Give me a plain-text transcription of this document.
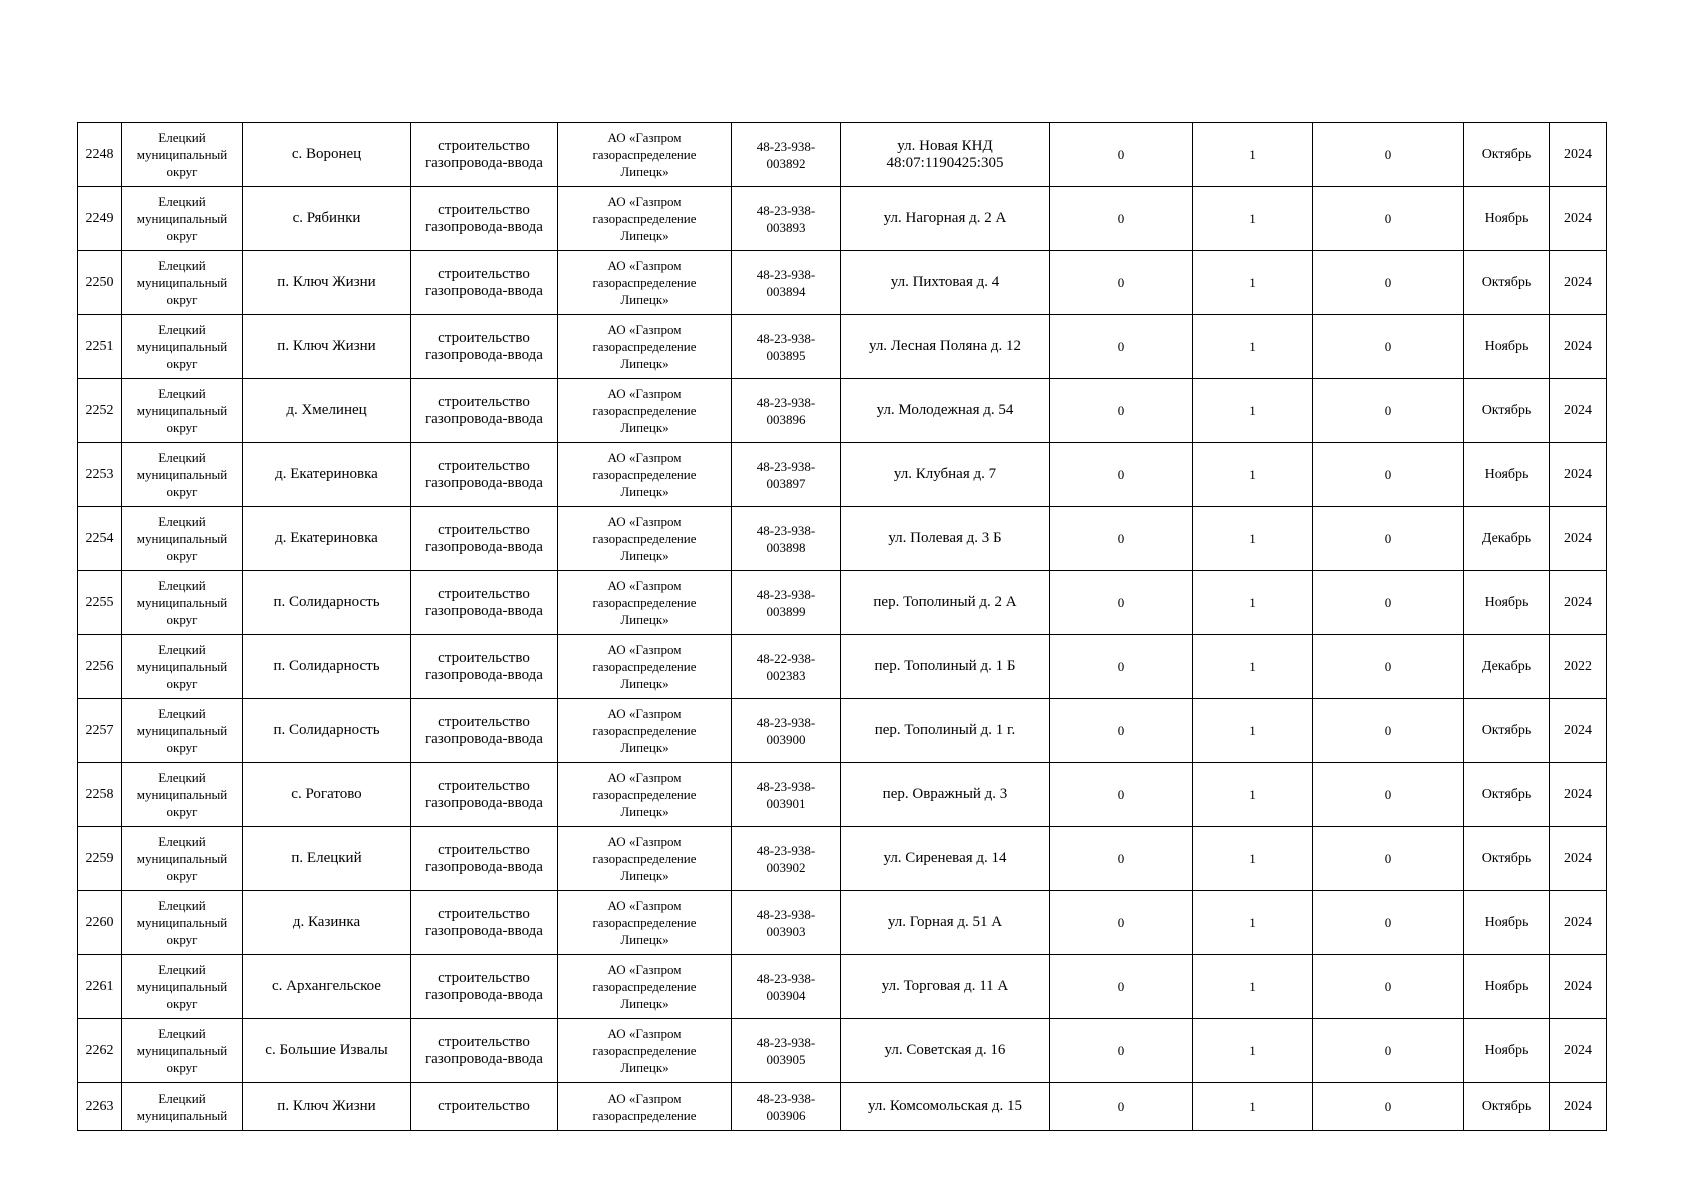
2248	Елецкий
муниципальный
округ	с. Воронец	строительство
газопровода-ввода	АО «Газпром
газораспределение
Липецк»	48-23-938-
003892	ул. Новая КНД
48:07:1190425:305	0	1	0	Октябрь	2024
2249	Елецкий
муниципальный
округ	с. Рябинки	строительство
газопровода-ввода	АО «Газпром
газораспределение
Липецк»	48-23-938-
003893	ул. Нагорная д. 2 А	0	1	0	Ноябрь	2024
2250	Елецкий
муниципальный
округ	п. Ключ Жизни	строительство
газопровода-ввода	АО «Газпром
газораспределение
Липецк»	48-23-938-
003894	ул. Пихтовая д. 4	0	1	0	Октябрь	2024
2251	Елецкий
муниципальный
округ	п. Ключ Жизни	строительство
газопровода-ввода	АО «Газпром
газораспределение
Липецк»	48-23-938-
003895	ул. Лесная Поляна д. 12	0	1	0	Ноябрь	2024
2252	Елецкий
муниципальный
округ	д. Хмелинец	строительство
газопровода-ввода	АО «Газпром
газораспределение
Липецк»	48-23-938-
003896	ул. Молодежная д. 54	0	1	0	Октябрь	2024
2253	Елецкий
муниципальный
округ	д. Екатериновка	строительство
газопровода-ввода	АО «Газпром
газораспределение
Липецк»	48-23-938-
003897	ул. Клубная д. 7	0	1	0	Ноябрь	2024
2254	Елецкий
муниципальный
округ	д. Екатериновка	строительство
газопровода-ввода	АО «Газпром
газораспределение
Липецк»	48-23-938-
003898	ул. Полевая д. 3 Б	0	1	0	Декабрь	2024
2255	Елецкий
муниципальный
округ	п. Солидарность	строительство
газопровода-ввода	АО «Газпром
газораспределение
Липецк»	48-23-938-
003899	пер. Тополиный д. 2 А	0	1	0	Ноябрь	2024
2256	Елецкий
муниципальный
округ	п. Солидарность	строительство
газопровода-ввода	АО «Газпром
газораспределение
Липецк»	48-22-938-
002383	пер. Тополиный д. 1 Б	0	1	0	Декабрь	2022
2257	Елецкий
муниципальный
округ	п. Солидарность	строительство
газопровода-ввода	АО «Газпром
газораспределение
Липецк»	48-23-938-
003900	пер. Тополиный д. 1 г.	0	1	0	Октябрь	2024
2258	Елецкий
муниципальный
округ	с. Рогатово	строительство
газопровода-ввода	АО «Газпром
газораспределение
Липецк»	48-23-938-
003901	пер. Овражный д. 3	0	1	0	Октябрь	2024
2259	Елецкий
муниципальный
округ	п. Елецкий	строительство
газопровода-ввода	АО «Газпром
газораспределение
Липецк»	48-23-938-
003902	ул. Сиреневая д. 14	0	1	0	Октябрь	2024
2260	Елецкий
муниципальный
округ	д. Казинка	строительство
газопровода-ввода	АО «Газпром
газораспределение
Липецк»	48-23-938-
003903	ул. Горная д. 51 А	0	1	0	Ноябрь	2024
2261	Елецкий
муниципальный
округ	с. Архангельское	строительство
газопровода-ввода	АО «Газпром
газораспределение
Липецк»	48-23-938-
003904	ул. Торговая д. 11 А	0	1	0	Ноябрь	2024
2262	Елецкий
муниципальный
округ	с. Большие Извалы	строительство
газопровода-ввода	АО «Газпром
газораспределение
Липецк»	48-23-938-
003905	ул. Советская д. 16	0	1	0	Ноябрь	2024
2263	Елецкий
муниципальный	п. Ключ Жизни	строительство	АО «Газпром
газораспределение	48-23-938-
003906	ул. Комсомольская д. 15	0	1	0	Октябрь	2024
